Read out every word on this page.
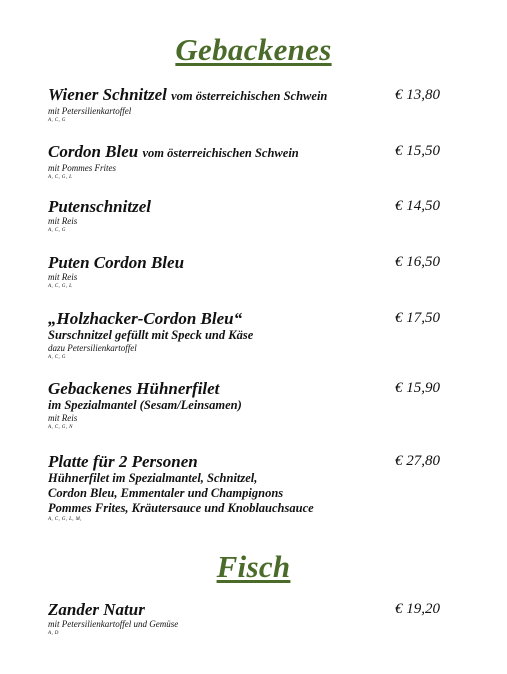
Gebackenes
Wiener Schnitzel vom österreichischen Schwein
mit Petersilienkartoffel
A, C, G
€ 13,80
Cordon Bleu vom österreichischen Schwein
mit Pommes Frites
A, C, G, L
€ 15,50
Putenschnitzel
mit Reis
A, C, G
€ 14,50
Puten Cordon Bleu
mit Reis
A, C, G, L
€ 16,50
„Holzhacker-Cordon Bleu“
Surschnitzel gefüllt mit Speck und Käse
dazu Petersilienkartoffel
A, C, G
€ 17,50
Gebackenes Hühnerfilet
im Spezialmantel (Sesam/Leinsamen)
mit Reis
A, C, G, N
€ 15,90
Platte für 2 Personen
Hühnerfilet im Spezialmantel, Schnitzel,
Cordon Bleu, Emmentaler und Champignons
Pommes Frites, Kräutersauce und Knoblauchsauce
A, C, G, L, M,
€ 27,80
Fisch
Zander Natur
mit Petersilienkartoffel und Gemüse
A, D
€ 19,20
